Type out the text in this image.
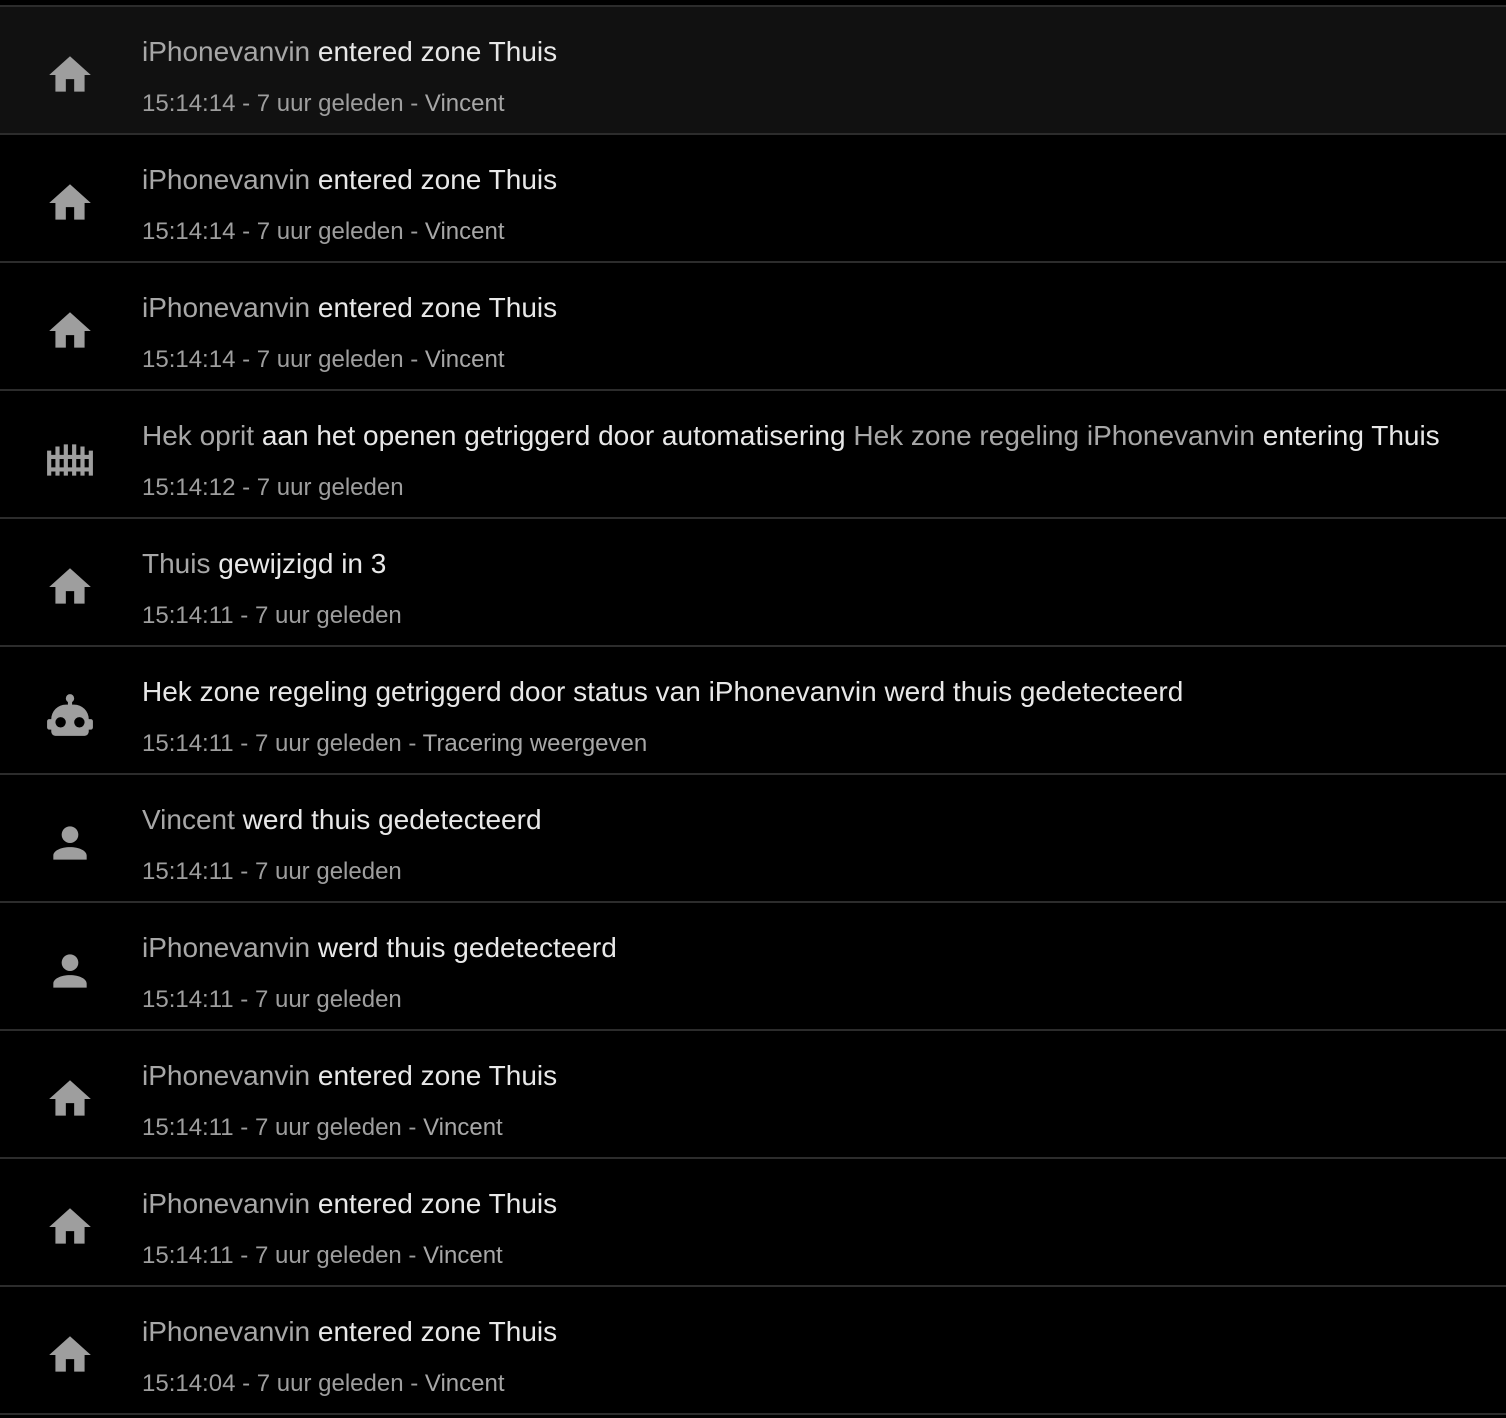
iPhonevanvin entered zone Thuis
15:14:14 - 7 uur geleden - Vincent
iPhonevanvin entered zone Thuis
15:14:14 - 7 uur geleden - Vincent
iPhonevanvin entered zone Thuis
15:14:14 - 7 uur geleden - Vincent
Hek oprit aan het openen getriggerd door automatisering Hek zone regeling iPhonevanvin entering Thuis
15:14:12 - 7 uur geleden
Thuis gewijzigd in 3
15:14:11 - 7 uur geleden
Hek zone regeling getriggerd door status van iPhonevanvin werd thuis gedetecteerd
15:14:11 - 7 uur geleden - Tracering weergeven
Vincent werd thuis gedetecteerd
15:14:11 - 7 uur geleden
iPhonevanvin werd thuis gedetecteerd
15:14:11 - 7 uur geleden
iPhonevanvin entered zone Thuis
15:14:11 - 7 uur geleden - Vincent
iPhonevanvin entered zone Thuis
15:14:11 - 7 uur geleden - Vincent
iPhonevanvin entered zone Thuis
15:14:04 - 7 uur geleden - Vincent
